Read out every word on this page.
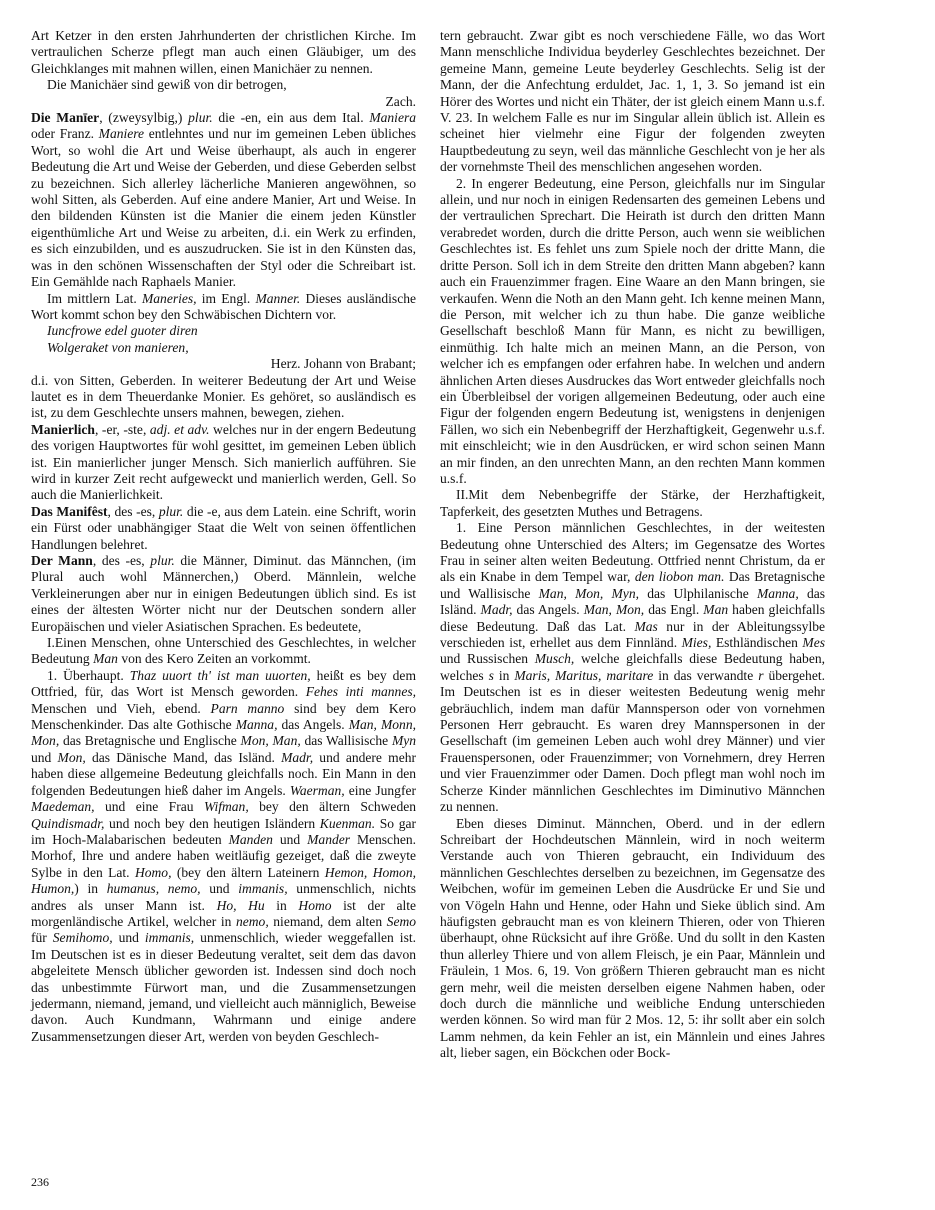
Art Ketzer in den ersten Jahrhunderten der christlichen Kirche. Im vertraulichen Scherze pflegt man auch einen Gläubiger, um des Gleichklanges mit mahnen willen, einen Manichäer zu nennen.

Die Manichäer sind gewiß von dir betrogen,

Zach.

Die Manīer, (zweysylbig,) plur. die -en, ein aus dem Ital. Maniera oder Franz. Maniere entlehntes und nur im gemeinen Leben übliches Wort, so wohl die Art und Weise überhaupt, als auch in engerer Bedeutung die Art und Weise der Geberden, und diese Geberden selbst zu bezeichnen. Sich allerley lächerliche Manieren angewöhnen, so wohl Sitten, als Geberden. Auf eine andere Manier, Art und Weise. In den bildenden Künsten ist die Manier die einem jeden Künstler eigenthümliche Art und Weise zu arbeiten, d.i. ein Werk zu erfinden, es sich einzubilden, und es auszudrucken. Sie ist in den Künsten das, was in den schönen Wissenschaften der Styl oder die Schreibart ist. Ein Gemählde nach Raphaels Manier.

Im mittlern Lat. Maneries, im Engl. Manner. Dieses ausländische Wort kommt schon bey den Schwäbischen Dichtern vor.

Iuncfrowe edel guoter diren

Wolgeraket von manieren,

Herz. Johann von Brabant;

d.i. von Sitten, Geberden. In weiterer Bedeutung der Art und Weise lautet es in dem Theuerdanke Monier. Es gehöret, so ausländisch es ist, zu dem Geschlechte unsers mahnen, bewegen, ziehen.

Manierlich, -er, -ste, adj. et adv. welches nur in der engern Bedeutung des vorigen Hauptwortes für wohl gesittet, im gemeinen Leben üblich ist. Ein manierlicher junger Mensch. Sich manierlich aufführen. Sie wird in kurzer Zeit recht aufgeweckt und manierlich werden, Gell. So auch die Manierlichkeit.

Das Manifêst, des -es, plur. die -e, aus dem Latein. eine Schrift, worin ein Fürst oder unabhängiger Staat die Welt von seinen öffentlichen Handlungen belehret.

Der Mann, des -es, plur. die Männer, Diminut. das Männchen, (im Plural auch wohl Männerchen,) Oberd. Männlein, welche Verkleinerungen aber nur in einigen Bedeutungen üblich sind. Es ist eines der ältesten Wörter nicht nur der Deutschen sondern aller Europäischen und vieler Asiatischen Sprachen. Es bedeutete,

I.Einen Menschen, ohne Unterschied des Geschlechtes, in welcher Bedeutung Man von des Kero Zeiten an vorkommt.

1. Überhaupt. Thaz uuort th' ist man uuorten, heißt es bey dem Ottfried, für, das Wort ist Mensch geworden. Fehes inti mannes, Menschen und Vieh, ebend. Parn manno sind bey dem Kero Menschenkinder. Das alte Gothische Manna, das Angels. Man, Monn, Mon, das Bretagnische und Englische Mon, Man, das Wallisische Myn und Mon, das Dänische Mand, das Isländ. Madr, und andere mehr haben diese allgemeine Bedeutung gleichfalls noch. Ein Mann in den folgenden Bedeutungen hieß daher im Angels. Waerman, eine Jungfer Maedeman, und eine Frau Wifman, bey den ältern Schweden Quindismadr, und noch bey den heutigen Isländern Kuenman. So gar im Hoch-Malabarischen bedeuten Manden und Mander Menschen. Morhof, Ihre und andere haben weitläufig gezeiget, daß die zweyte Sylbe in den Lat. Homo, (bey den ältern Lateinern Hemon, Homon, Humon,) in humanus, nemo, und immanis, unmenschlich, nichts andres als unser Mann ist. Ho, Hu in Homo ist der alte morgenländische Artikel, welcher in nemo, niemand, dem alten Semo für Semihomo, und immanis, unmenschlich, wieder weggefallen ist. Im Deutschen ist es in dieser Bedeutung veraltet, seit dem das davon abgeleitete Mensch üblicher geworden ist. Indessen sind doch noch das unbestimmte Fürwort man, und die Zusammensetzungen jedermann, niemand, jemand, und vielleicht auch männiglich, Beweise davon. Auch Kundmann, Wahrmann und einige andere Zusammensetzungen dieser Art, werden von beyden Geschlech-

tern gebraucht. Zwar gibt es noch verschiedene Fälle, wo das Wort Mann menschliche Individua beyderley Geschlechtes bezeichnet. Der gemeine Mann, gemeine Leute beyderley Geschlechts. Selig ist der Mann, der die Anfechtung erduldet, Jac. 1, 1, 3. So jemand ist ein Hörer des Wortes und nicht ein Thäter, der ist gleich einem Mann u.s.f. V. 23. In welchem Falle es nur im Singular allein üblich ist. Allein es scheinet hier vielmehr eine Figur der folgenden zweyten Hauptbedeutung zu seyn, weil das männliche Geschlecht von je her als der vornehmste Theil des menschlichen angesehen worden.

2. In engerer Bedeutung, eine Person, gleichfalls nur im Singular allein, und nur noch in einigen Redensarten des gemeinen Lebens und der vertraulichen Sprechart. Die Heirath ist durch den dritten Mann verabredet worden, durch die dritte Person, auch wenn sie weiblichen Geschlechtes ist. Es fehlet uns zum Spiele noch der dritte Mann, die dritte Person. Soll ich in dem Streite den dritten Mann abgeben? kann auch ein Frauenzimmer fragen. Eine Waare an den Mann bringen, sie verkaufen. Wenn die Noth an den Mann geht. Ich kenne meinen Mann, die Person, mit welcher ich zu thun habe. Die ganze weibliche Gesellschaft beschloß Mann für Mann, es nicht zu bewilligen, einmüthig. Ich halte mich an meinen Mann, an die Person, von welcher ich es empfangen oder erfahren habe. In welchen und andern ähnlichen Arten dieses Ausdruckes das Wort entweder gleichfalls noch ein Überbleibsel der vorigen allgemeinen Bedeutung, oder auch eine Figur der folgenden engern Bedeutung ist, wenigstens in denjenigen Fällen, wo sich ein Nebenbegriff der Herzhaftigkeit, Gegenwehr u.s.f. mit einschleicht; wie in den Ausdrücken, er wird schon seinen Mann an mir finden, an den unrechten Mann, an den rechten Mann kommen u.s.f.

II.Mit dem Nebenbegriffe der Stärke, der Herzhaftigkeit, Tapferkeit, des gesetzten Muthes und Betragens.

1. Eine Person männlichen Geschlechtes, in der weitesten Bedeutung ohne Unterschied des Alters; im Gegensatze des Wortes Frau in seiner alten weiten Bedeutung. Ottfried nennt Christum, da er als ein Knabe in dem Tempel war, den liobon man. Das Bretagnische und Wallisische Man, Mon, Myn, das Ulphilanische Manna, das Isländ. Madr, das Angels. Man, Mon, das Engl. Man haben gleichfalls diese Bedeutung. Daß das Lat. Mas nur in der Ableitungssylbe verschieden ist, erhellet aus dem Finnländ. Mies, Esthländischen Mes und Russischen Musch, welche gleichfalls diese Bedeutung haben, welches s in Maris, Maritus, maritare in das verwandte r übergehet. Im Deutschen ist es in dieser weitesten Bedeutung wenig mehr gebräuchlich, indem man dafür Mannsperson oder von vornehmen Personen Herr gebraucht. Es waren drey Mannspersonen in der Gesellschaft (im gemeinen Leben auch wohl drey Männer) und vier Frauenspersonen, oder Frauenzimmer; von Vornehmern, drey Herren und vier Frauenzimmer oder Damen. Doch pflegt man wohl noch im Scherze Kinder männlichen Geschlechtes im Diminutivo Männchen zu nennen.

Eben dieses Diminut. Männchen, Oberd. und in der edlern Schreibart der Hochdeutschen Männlein, wird in noch weiterm Verstande auch von Thieren gebraucht, ein Individuum des männlichen Geschlechtes derselben zu bezeichnen, im Gegensatze des Weibchen, wofür im gemeinen Leben die Ausdrücke Er und Sie und von Vögeln Hahn und Henne, oder Hahn und Sieke üblich sind. Am häufigsten gebraucht man es von kleinern Thieren, oder von Thieren überhaupt, ohne Rücksicht auf ihre Größe. Und du sollt in den Kasten thun allerley Thiere und von allem Fleisch, je ein Paar, Männlein und Fräulein, 1 Mos. 6, 19. Von größern Thieren gebraucht man es nicht gern mehr, weil die meisten derselben eigene Nahmen haben, oder doch durch die männliche und weibliche Endung unterschieden werden können. So wird man für 2 Mos. 12, 5: ihr sollt aber ein solch Lamm nehmen, da kein Fehler an ist, ein Männlein und eines Jahres alt, lieber sagen, ein Böckchen oder Bock-

236
